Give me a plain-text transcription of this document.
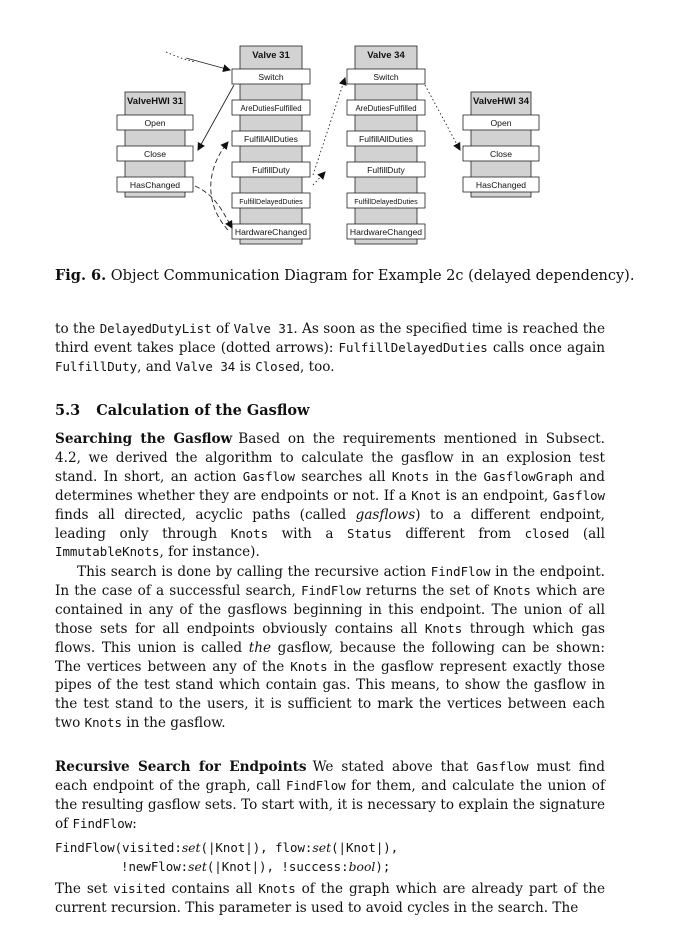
ValveHWI 31
Open
Close
HasChanged
Valve 31
Switch
AreDutiesFulfilled
FulfillAllDuties
FulfillDuty
FulfillDelayedDuties
HardwareChanged
Valve 34
Switch
AreDutiesFulfilled
FulfillAllDuties
FulfillDuty
FulfillDelayedDuties
HardwareChanged
ValveHWI 34
Open
Close
HasChanged
Fig. 6. Object Communication Diagram for Example 2c (delayed dependency).
to the DelayedDutyList of Valve 31. As soon as the specified time is reached the third event takes place (dotted arrows): FulfillDelayedDuties calls once again FulfillDuty, and Valve 34 is Closed, too.
5.3 Calculation of the Gasflow
Searching the Gasflow Based on the requirements mentioned in Subsect. 4.2, we derived the algorithm to calculate the gasflow in an explosion test stand. In short, an action Gasflow searches all Knots in the GasflowGraph and determines whether they are endpoints or not. If a Knot is an endpoint, Gasflow finds all directed, acyclic paths (called gasflows) to a different endpoint, leading only through Knots with a Status different from closed (all ImmutableKnots, for instance).
This search is done by calling the recursive action FindFlow in the endpoint. In the case of a successful search, FindFlow returns the set of Knots which are contained in any of the gasflows beginning in this endpoint. The union of all those sets for all endpoints obviously contains all Knots through which gas flows. This union is called the gasflow, because the following can be shown: The vertices between any of the Knots in the gasflow represent exactly those pipes of the test stand which contain gas. This means, to show the gasflow in the test stand to the users, it is sufficient to mark the vertices between each two Knots in the gasflow.
Recursive Search for Endpoints We stated above that Gasflow must find each endpoint of the graph, call FindFlow for them, and calculate the union of the resulting gasflow sets. To start with, it is necessary to explain the signature of FindFlow:
FindFlow(visited:set(|Knot|), flow:set(|Knot|),
!newFlow:set(|Knot|), !success:bool);
The set visited contains all Knots of the graph which are already part of the current recursion. This parameter is used to avoid cycles in the search. The
